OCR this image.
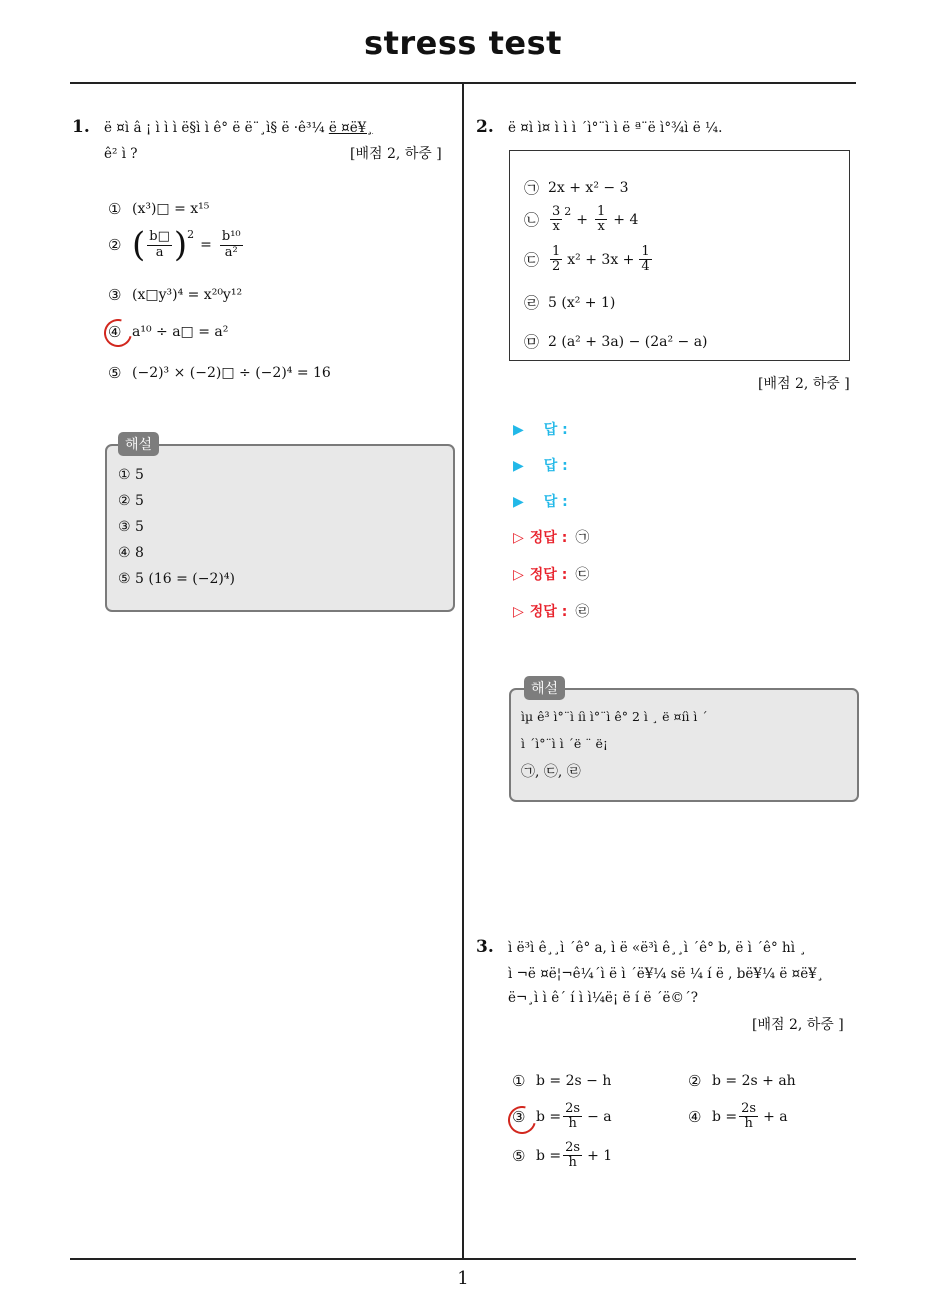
stress test
1
1. ë ¤ì â ¡ ì ì ì ë§ì ì ê° ë ë¨¸ì§ ë ·ê³¼ ë ¤ë¥¸
ê² ì ?	[배점 2, 하중 ]
① (x³)□ = x¹⁵
② ( $\frac{b□}{a} )^2$
= $\frac{\text{b¹⁰}}{\text{a²}}$
③ (x□y³)⁴ = x²⁰y¹²
④ a¹⁰ ÷ a□ = a²
⑤ (−2)³ × (−2)□ ÷ (−2)⁴ = 16
해설
① 5
② 5
③ 5
④ 8
⑤ 5 (16 = (−2)⁴)
2. ë ¤ì ì¤ ì ì ì ´ì°¨ì ì ë ª¨ë ì°¾ì ë ¼.
㉠ 2x + x² − 3
㉡ $\frac{3}{x}^2$
+ $\frac{1}{x} + 4$
㉢ $\frac{1}{2} x^2 + 3x + \frac{1}{4}$
㉣ 5 (x² + 1)
㉤ 2 (a² + 3a) − (2a² − a)
[배점 2, 하중 ]
▶ 답 :
▶ 답 :
▶ 답 :
▷ 정답 : ㉠
▷ 정답 : ㉢
▷ 정답 : ㉣
해설
ìµ ê³ ì°¨ì íì ì°¨ì ê° 2 ì ¸ ë ¤íì ì ´
ì ´ì°¨ì ì ´ë ¨ ë¡
㉠, ㉢, ㉣
3. ì ë³ì ê¸¸ì ´ê° a, ì ë «ë³ì ê¸¸ì ´ê° b, ë ì ´ê° hì ¸
ì ¬ë ¤ë¦¬ê¼´ì ë ì ´ë¥¼ së ¼ í ë , bë¥¼ ë ¤ë¥¸
ë¬¸ì ì ê´ í ì ì¼ë¡ ë í ë ´ë©´?
[배점 2, 하중 ]
① b = 2s − h	② b = 2s + ah
③ $b = \frac{2s}{h} - a$	④ $b = \frac{2s}{h} + a$
⑤ $b = \frac{2s}{h} + 1$
